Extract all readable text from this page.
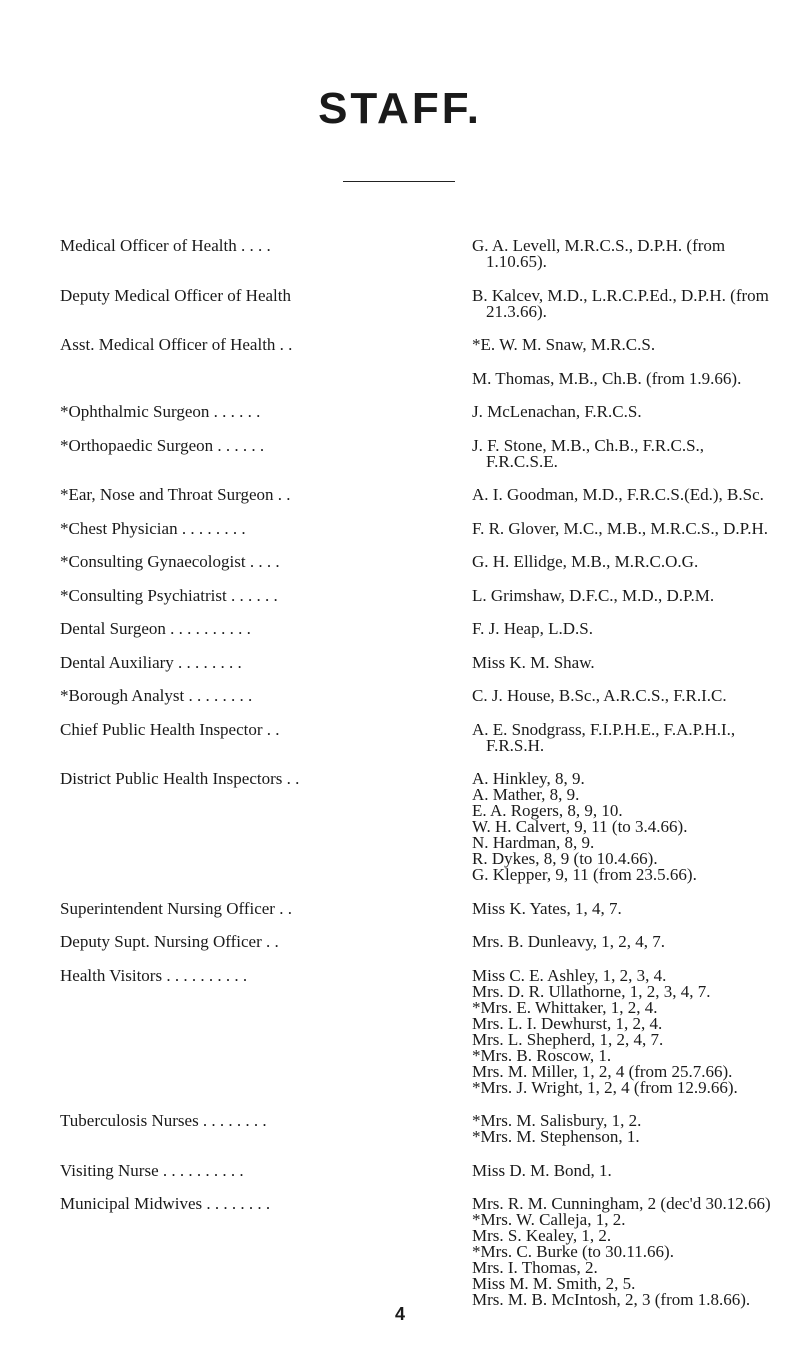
STAFF.
Medical Officer of Health . . . .	G. A. Levell, M.R.C.S., D.P.H. (from 1.10.65).
Deputy Medical Officer of Health	B. Kalcev, M.D., L.R.C.P.Ed., D.P.H. (from 21.3.66).
Asst. Medical Officer of Health . .	*E. W. M. Snaw, M.R.C.S.
M. Thomas, M.B., Ch.B. (from 1.9.66).
*Ophthalmic Surgeon . . . . . .	J. McLenachan, F.R.C.S.
*Orthopaedic Surgeon . . . . . .	J. F. Stone, M.B., Ch.B., F.R.C.S., F.R.C.S.E.
*Ear, Nose and Throat Surgeon . .	A. I. Goodman, M.D., F.R.C.S.(Ed.), B.Sc.
*Chest Physician . . . . . . . .	F. R. Glover, M.C., M.B., M.R.C.S., D.P.H.
*Consulting Gynaecologist . . . .	G. H. Ellidge, M.B., M.R.C.O.G.
*Consulting Psychiatrist . . . . . .	L. Grimshaw, D.F.C., M.D., D.P.M.
Dental Surgeon . . . . . . . . . .	F. J. Heap, L.D.S.
Dental Auxiliary . . . . . . . .	Miss K. M. Shaw.
*Borough Analyst . . . . . . . .	C. J. House, B.Sc., A.R.C.S., F.R.I.C.
Chief Public Health Inspector . .	A. E. Snodgrass, F.I.P.H.E., F.A.P.H.I., F.R.S.H.
District Public Health Inspectors . .	A. Hinkley, 8, 9.
A. Mather, 8, 9.
E. A. Rogers, 8, 9, 10.
W. H. Calvert, 9, 11 (to 3.4.66).
N. Hardman, 8, 9.
R. Dykes, 8, 9 (to 10.4.66).
G. Klepper, 9, 11 (from 23.5.66).
Superintendent Nursing Officer . .	Miss K. Yates, 1, 4, 7.
Deputy Supt. Nursing Officer . .	Mrs. B. Dunleavy, 1, 2, 4, 7.
Health Visitors . . . . . . . . . .	Miss C. E. Ashley, 1, 2, 3, 4.
Mrs. D. R. Ullathorne, 1, 2, 3, 4, 7.
*Mrs. E. Whittaker, 1, 2, 4.
Mrs. L. I. Dewhurst, 1, 2, 4.
Mrs. L. Shepherd, 1, 2, 4, 7.
*Mrs. B. Roscow, 1.
Mrs. M. Miller, 1, 2, 4 (from 25.7.66).
*Mrs. J. Wright, 1, 2, 4 (from 12.9.66).
Tuberculosis Nurses . . . . . . . .	*Mrs. M. Salisbury, 1, 2.
*Mrs. M. Stephenson, 1.
Visiting Nurse . . . . . . . . . .	Miss D. M. Bond, 1.
Municipal Midwives . . . . . . . .	Mrs. R. M. Cunningham, 2 (dec'd 30.12.66)
*Mrs. W. Calleja, 1, 2.
Mrs. S. Kealey, 1, 2.
*Mrs. C. Burke (to 30.11.66).
Mrs. I. Thomas, 2.
Miss M. M. Smith, 2, 5.
Mrs. M. B. McIntosh, 2, 3 (from 1.8.66).
4
